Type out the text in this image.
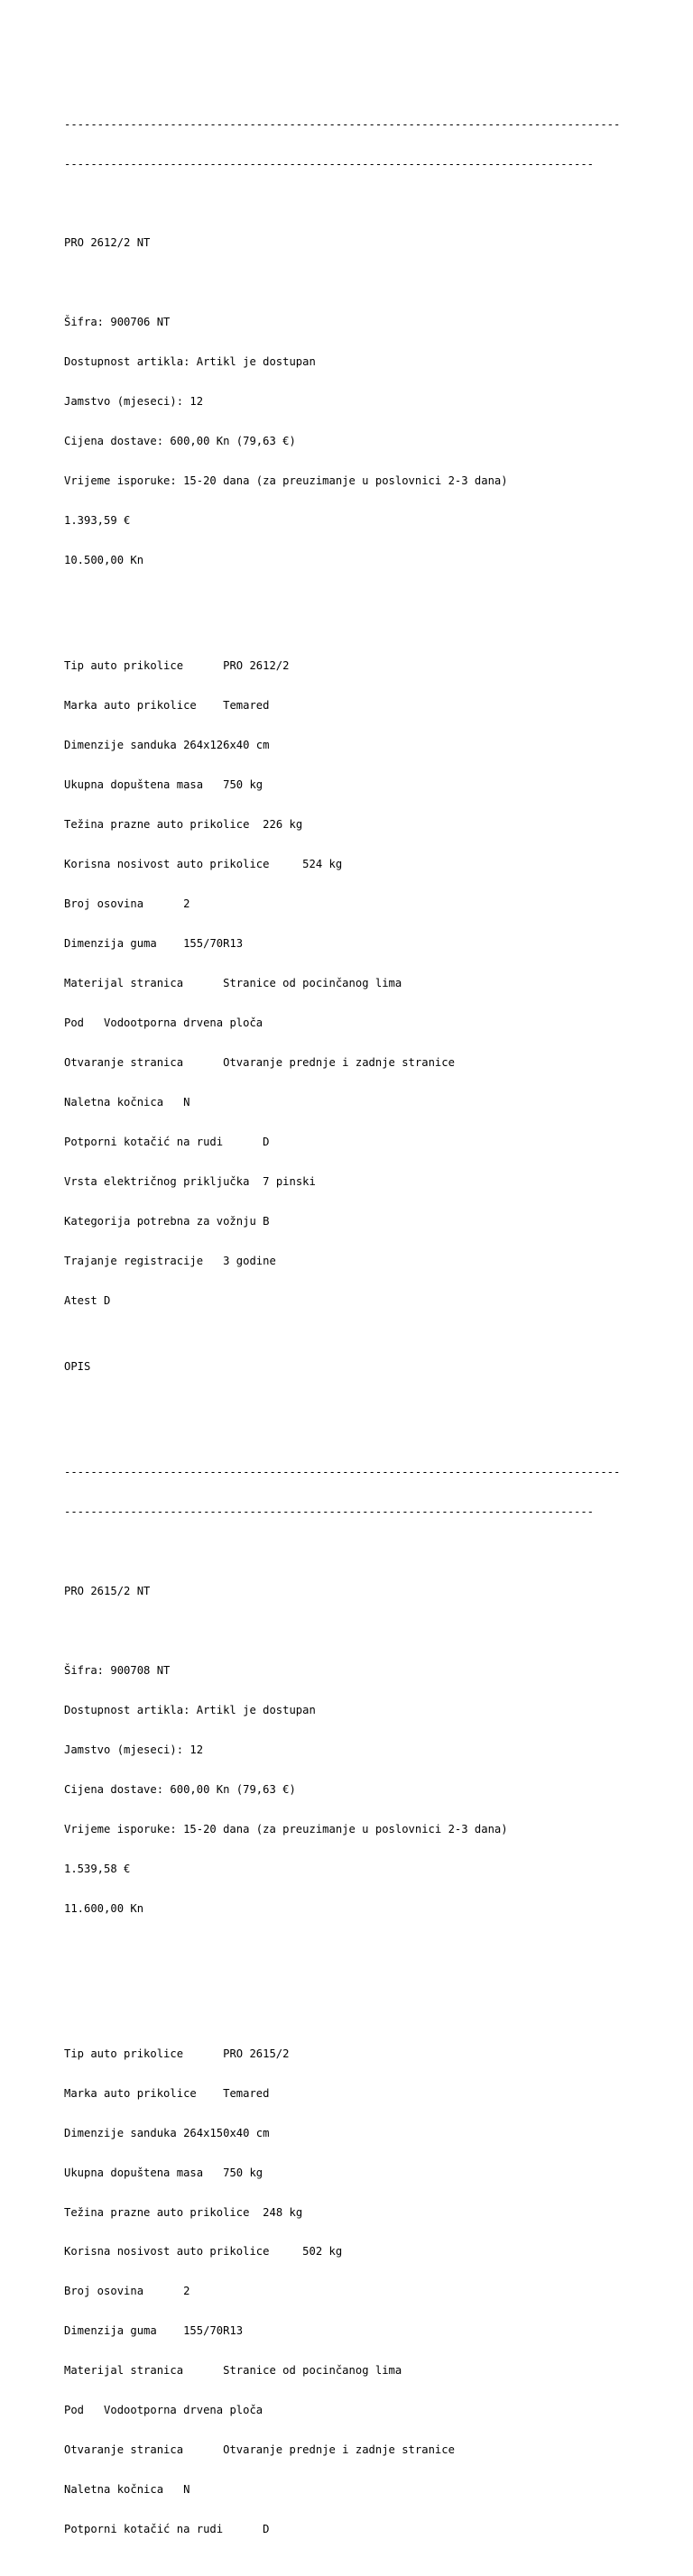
------------------------------------------------------------------------------------

--------------------------------------------------------------------------------

PRO 2612/2 NT

Šifra: 900706 NT

Dostupnost artikla: Artikl je dostupan

Jamstvo (mjeseci): 12

Cijena dostave: 600,00 Kn (79,63 €)

Vrijeme isporuke: 15-20 dana (za preuzimanje u poslovnici 2-3 dana)

1.393,59 €

10.500,00 Kn

Tip auto prikolice	PRO 2612/2

Marka auto prikolice Temared

Dimenzije sanduka 264x126x40 cm

Ukupna dopuštena masa 750 kg

Težina prazne auto prikolice 226 kg

Korisna nosivost auto prikolice	524 kg

Broj osovina	2

Dimenzija guma 155/70R13

Materijal stranica	Stranice od pocinčanog lima

Pod Vodootporna drvena ploča

Otvaranje stranica	Otvaranje prednje i zadnje stranice

Naletna kočnica N

Potporni kotačić na rudi	D

Vrsta električnog priključka 7 pinski

Kategorija potrebna za vožnju B

Trajanje registracije 3 godine

Atest D

OPIS

------------------------------------------------------------------------------------

--------------------------------------------------------------------------------

PRO 2615/2 NT

Šifra: 900708 NT

Dostupnost artikla: Artikl je dostupan

Jamstvo (mjeseci): 12

Cijena dostave: 600,00 Kn (79,63 €)

Vrijeme isporuke: 15-20 dana (za preuzimanje u poslovnici 2-3 dana)

1.539,58 €

11.600,00 Kn

Tip auto prikolice	PRO 2615/2

Marka auto prikolice Temared

Dimenzije sanduka 264x150x40 cm

Ukupna dopuštena masa 750 kg

Težina prazne auto prikolice 248 kg

Korisna nosivost auto prikolice	502 kg

Broj osovina	2

Dimenzija guma 155/70R13

Materijal stranica	Stranice od pocinčanog lima

Pod Vodootporna drvena ploča

Otvaranje stranica	Otvaranje prednje i zadnje stranice

Naletna kočnica N

Potporni kotačić na rudi	D
